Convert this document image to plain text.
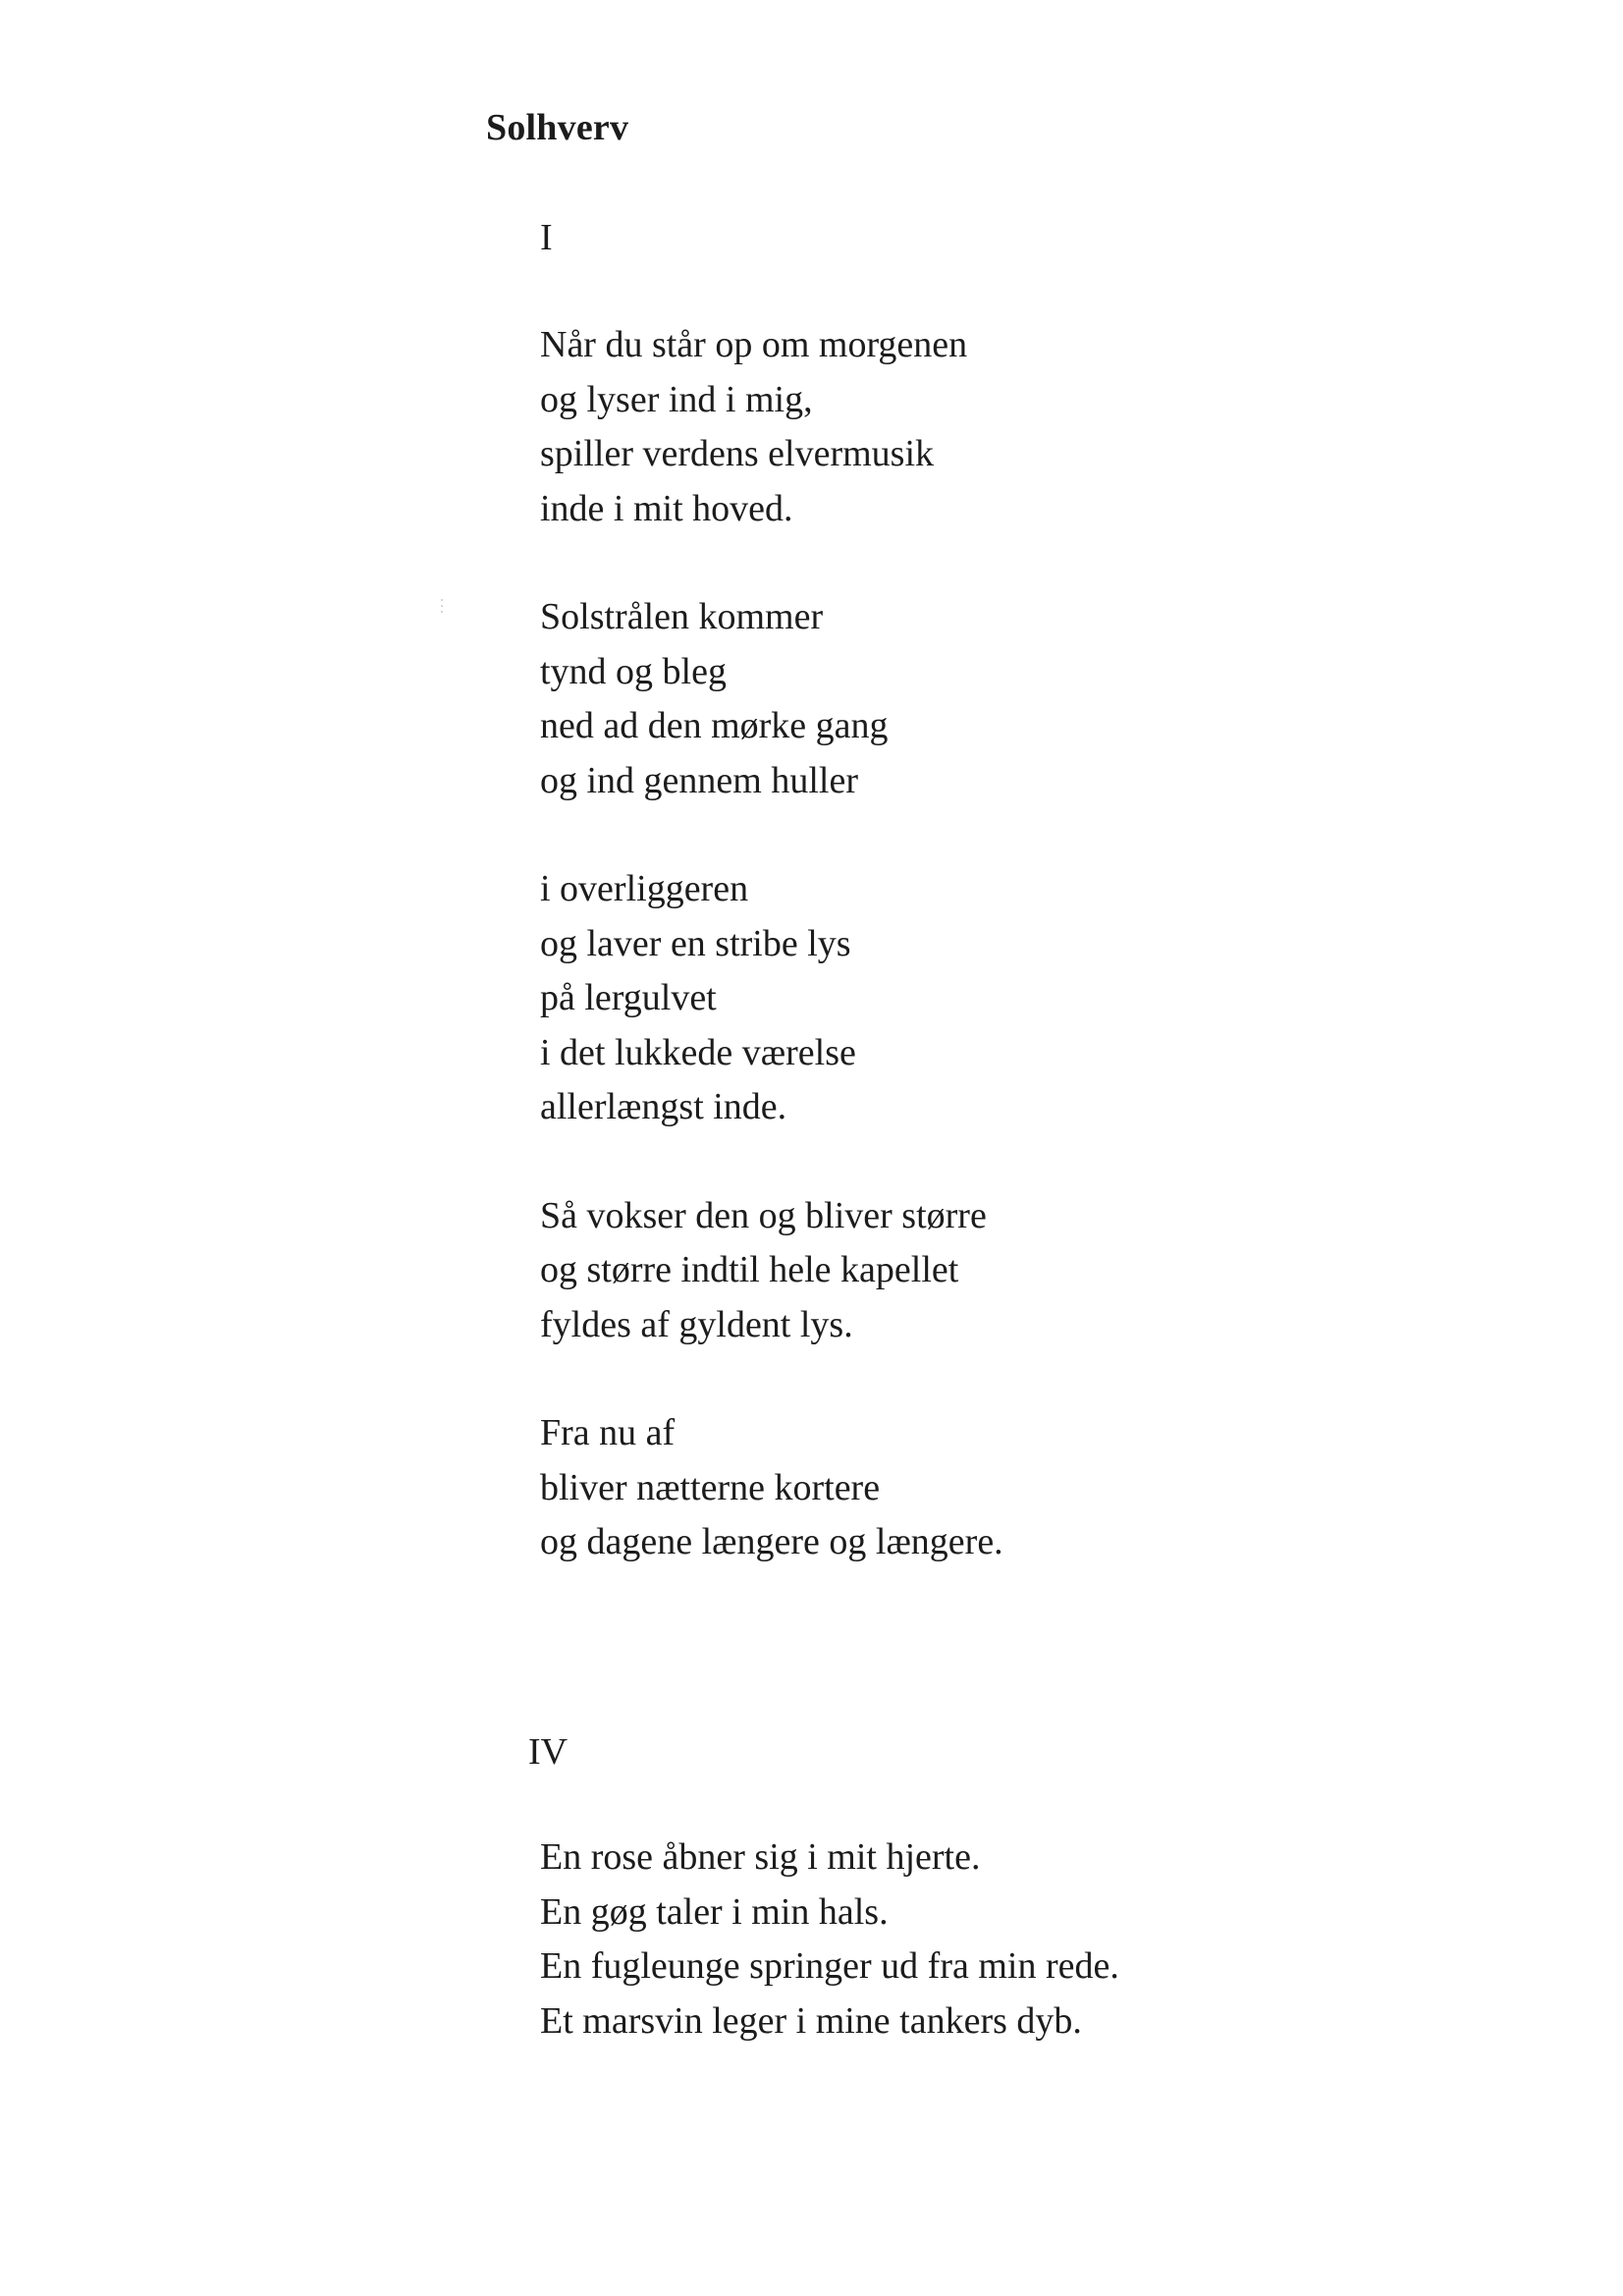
Solhverv
I
Når du står op om morgenen
og lyser ind i mig,
spiller verdens elvermusik
inde i mit hoved.
Solstrålen kommer
tynd og bleg
ned ad den mørke gang
og ind gennem huller
i overliggeren
og laver en stribe lys
på lergulvet
i det lukkede værelse
allerlængst inde.
Så vokser den og bliver større
og større indtil hele kapellet
fyldes af gyldent lys.
Fra nu af
bliver nætterne kortere
og dagene længere og længere.
IV
En rose åbner sig i mit hjerte.
En gøg taler i min hals.
En fugleunge springer ud fra min rede.
Et marsvin leger i mine tankers dyb.
